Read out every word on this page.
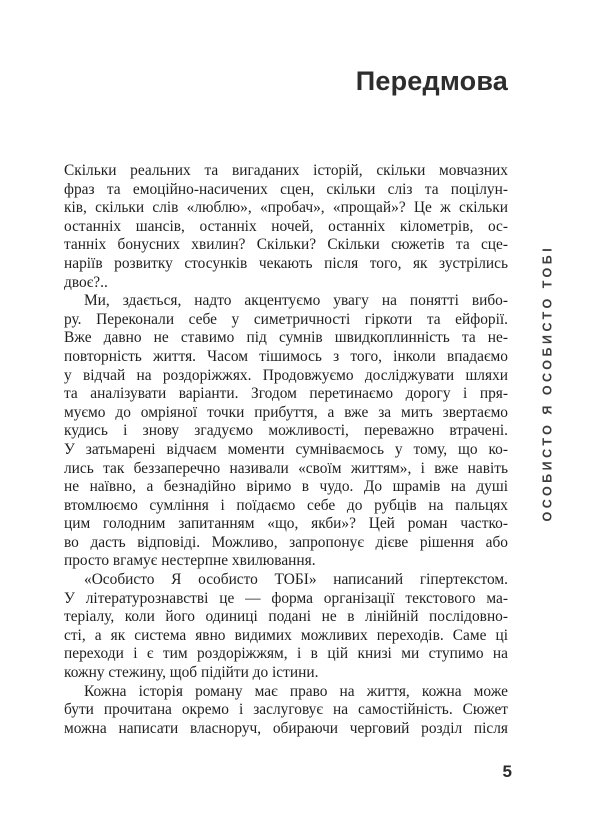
Передмова
Скільки реальних та вигаданих історій, скільки мовчазних
фраз та емоційно-насичених сцен, скільки сліз та поцілун-
ків, скільки слів «люблю», «пробач», «прощай»? Це ж скільки
останніх шансів, останніх ночей, останніх кілометрів, ос-
танніх бонусних хвилин? Скільки? Скільки сюжетів та сце-
наріїв розвитку стосунків чекають після того, як зустрілись
двоє?..
Ми, здається, надто акцентуємо увагу на понятті вибо-
ру. Переконали себе у симетричності гіркоти та ейфорії.
Вже давно не ставимо під сумнів швидкоплинність та не-
повторність життя. Часом тішимось з того, інколи впадаємо
у відчай на роздоріжжях. Продовжуємо досліджувати шляхи
та аналізувати варіанти. Згодом перетинаємо дорогу і пря-
муємо до омріяної точки прибуття, а вже за мить звертаємо
кудись і знову згадуємо можливості, переважно втрачені.
У затьмарені відчаєм моменти сумніваємось у тому, що ко-
лись так беззаперечно називали «своїм життям», і вже навіть
не наївно, а безнадійно віримо в чудо. До шрамів на душі
втомлюємо сумління і поїдаємо себе до рубців на пальцях
цим голодним запитанням «що, якби»? Цей роман частко-
во дасть відповіді. Можливо, запропонує дієве рішення або
просто вгамує нестерпне хвилювання.
«Особисто Я особисто ТОБІ» написаний гіпертекстом.
У літературознавстві це — форма організації текстового ма-
теріалу, коли його одиниці подані не в лінійній послідовно-
сті, а як система явно видимих можливих переходів. Саме ці
переходи і є тим роздоріжжям, і в цій книзі ми ступимо на
кожну стежину, щоб підійти до істини.
Кожна історія роману має право на життя, кожна може
бути прочитана окремо і заслуговує на самостійність. Сюжет
можна написати власноруч, обираючи черговий розділ після
ОСОБИСТО Я ОСОБИСТО ТОБІ
5
